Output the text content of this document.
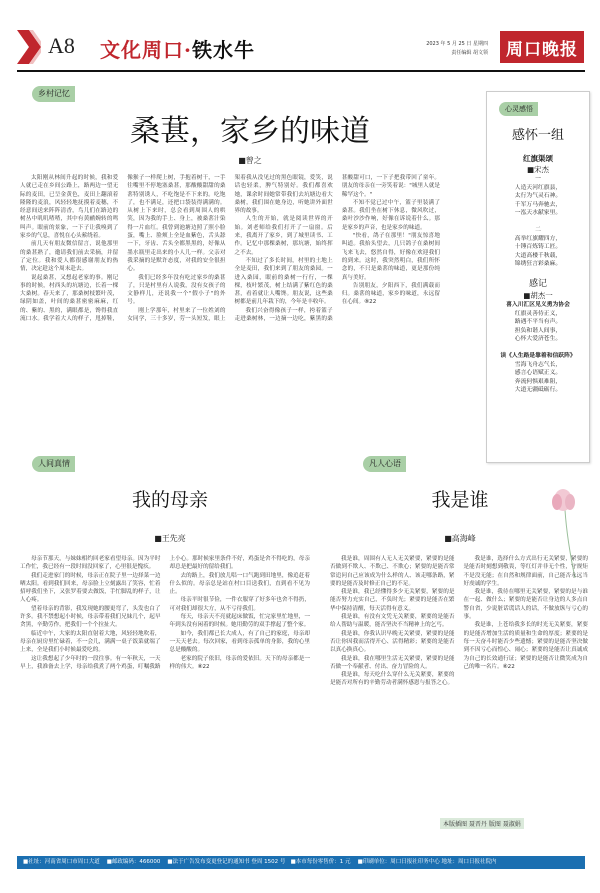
A8 文化周口·铁水牛	2023 年 5 月 25 日 星期四
责任编辑 胡文领	周口晚报
乡村记忆
桑葚，家乡的味道
■曾之

太阳刚从林间升起的时候，我和爱人就已走在乡间公路上，路两边一望无际的麦田，已呈金黄色，麦田上翻滚着隆隆的麦浪，风轻轻地抚摸着麦穗，不经意间送来阵阵清香，鸟儿们在路边的树丛中叽叽喳喳，其中有黄鹂婉转的鸣叫声。眼前的景象，一下子让我嗅到了家乡的气息，喜悦在心头萦绕着。

前几天有朋友微信留言，说他那里的桑葚熟了，邀请我们前去采摘，并留了定位。我和爱人都很感谢朋友的热情，决定趁这个周末赴去。

说起桑葚，又想起老家的事。刚记事的时候，村西头的坑塘边，长着一棵大桑树。春天来了，那桑树枝繁叶茂，绿阴如盖，叶间的桑葚密密麻麻，红的、紫的、黑的，满眼都是，馋得我直流口水。我学着大人的样子，甩掉鞋，像猴子一样爬上树，手抱着树干，一手往嘴里不停地塞桑葚，那酸酸甜甜的桑葚特别诱人，不吃饱是不下来的。吃饱了，也不满足，还把口袋装得满满的。从树上下来时，总会看到周围人的哄笑，因为我的手上、身上，被桑葚汁染得一片血红。我曾到池塘边照了照小脸蛋，嘴上、脸颊上全是血紫色，舌头舔一下，牙齿、舌头全都黑黑的，好像从墨水瓶里走出来的小人儿一样。父亲对我采摘的是默许态度，对我的安全很担心。

我们已经多年没有吃过家乡的桑葚了，只是村里有人说我，没有女孩子的文静样儿，还说我一个"假小子"的外号。

刚上学那年，村里来了一位姓刘的女同学，三十多岁，劳一头短发，眼上架着我从没见过的黑色眼镜，爱笑，说话也轻柔，脾气特别好。我们都喜欢她，课余时间她常带我们去坑塘边看大桑树，我们围在她身边，听她讲外面世界的故事。

人生的开始，就是阅读世界的开始。刘老师给我们打开了一扇窗。后来，我离开了家乡，到了城里读书、工作。记忆中那棵桑树，那坑塘，始终挥之不去。

不知过了多长时间，村里的土地上全是麦田，我们来到了朋友的桑园。一进入桑园，眼前的桑树一行行，一棵棵，枝叶繁茂，树上结满了紫红色的桑葚，看着就让人嘴馋。朋友说，这些桑树都是前几年栽下的，今年是丰收年。

我们兴奋得像孩子一样，挎着篮子走进桑树林，一边摘一边吃，紫黑的桑葚酸甜可口，一下子把我带回了童年。朋友的母亲在一旁笑着说："城里人就是稀罕这个。"

不知不觉已过中午，篮子里装满了桑葚。我们坐在树下休息，微风吹过，桑叶沙沙作响，好像在诉说着什么。那是家乡的声音，也是家乡的味道。

"快看，鸽子在那里！"朋友惊喜地叫道。我抬头望去，几只鸽子在桑树间飞来飞去，悠然自得，好像在欢迎我们的到来。这时，我突然明白，我们所怀念的，不只是桑葚的味道，更是那份纯真与美好。

告别朋友，夕阳西下，我们满载而归。桑葚的味道，家乡的味道，永远留在心间。⑧22

心灵感悟
感怀一组
红旗渠颂
■宋杰
一
人造天河红旗县，
太行为气灵石神。
千军万马奔驰去，
一泓天水献家里。
二
高举红旗耀四方，
十锤百炼铸工匠。
大道高楼千秋载，
锦绣狂言彩桑麻。
感记
■胡杰一
喜入川汇区见义勇为协会
红旗灵善侍正义，
路遇不平当有声。
担负和谐人间事，
心怀大爱济苍生。
读《人生路是靠着和信跃阵》
雪海飞舟志气长，
感言心语赋正义。
奔流何惧艰难阻，
大道无疆砥砺行。
人间真情
我的母亲
■王先亮

母亲节那天，与妹妹相约回老家看望母亲。因为平时工作忙，我已经有一段时间没回家了，心里很是愧疚。

我们走进家门的时候，母亲正在院子里一边择菜一边晒太阳。看到我们回来，母亲脸上立刻露出了笑容，忙着招呼我们坐下，又张罗着要去做饭，手忙脚乱的样子，让人心疼。

望着母亲的背影，我发现她的腰更弯了，头发也白了许多。我不禁想起小时候，母亲带着我们兄妹几个，起早贪黑，辛勤劳作，把我们一个个拉扯大。

临近中午，大家的太阳直射着大地，风轻轻地吹着，母亲在厨房里忙碌着，不一会儿，满满一桌子饭菜就端了上来，全是我们小时候最爱吃的。

这让我想起了少年时的一段往事。有一年秋天，一天早上，我准备去上学，母亲给我煮了两个鸡蛋，叮嘱我路上小心。那时候家里条件不好，鸡蛋是舍不得吃的，母亲却总是把最好的留给我们。

去的路上，我们放儿唱一口气跑到田地里，像追赶着什么似的。母亲总是站在村口目送我们，直到看不见为止。

母亲平时很节俭，一件衣服穿了好多年也舍不得扔，可对我们却很大方，从不亏待我们。

每天，母亲天不亮就起床做饭，忙完家里忙地里，一年到头没有闲着的时候。她用勤劳的双手撑起了整个家。

如今，我们都已长大成人，有了自己的家庭，母亲却一天天老去。每次回家，看到母亲孤单的身影，我的心里总是酸酸的。

老家的院子依旧，母亲的爱依旧。天下的母亲都是一样的伟大。⑧22

凡人心语
我是谁
■高海峰

我是谁，周围有人无人无关紧要，紧要的是能否做到不欺人、不欺己、不欺心；紧要的是能否常常追问自己应该成为什么样的人、该走哪条路，紧要的是能否及时修正自己的不足。

我是谁，我已经懂得多少无关紧要，紧要的是能否努力充实自己，不负时光；紧要的是能否在繁华中保持清醒，每天活得有意义。

我是谁，有没有文凭无关紧要，紧要的是能否给人帮助与温暖，能否坚决不当精神上的乞丐。

我是谁，你我认识早晚无关紧要，紧要的是能否让你因我而活得开心、活得精彩；紧要的是能否以真心换真心。

我是谁，我在哪里生活无关紧要，紧要的是能否做一个奉献者、付出、奋力冒险的人。

我是谁，每天吃什么穿什么无关紧要，紧要的是能否对所有的辛勤劳动者满怀感恩与报答之心。

我是谁，选择什么方式出行无关紧要，紧要的是能否时刻想到敬畏，等红灯并非无个性，守规矩不是没无能；在自然和规律面前，自己能否永远当好虔诚的学生。

我是谁，我待在哪里无关紧要，紧要的是与谁在一起、做什么；紧要的是能否让身边的人多点自警自省，少说脏话谎话人的话，不做放纵与亏心的事。

我是谁，上苍给我多长的时光无关紧要，紧要的是能否增加生活的质量和生命的厚度；紧要的是每一天奋斗时能否少些遗憾；紧要的是能否坚决做到不因亏心而惶心、闹心；紧要的是能否让真诚成为自己的长效通行证；紧要的是能否让微笑成为自己的唯一名片。⑧22

本版插图 聂晋丹 版图 聂淑娟
■社址：河南省周口市周口大道 ■邮政编码：466000 ■法于广告发布变更登记的通知书 登周 1502 号 ■本市每份零售价：1 元 ■印刷单位：周口日报社印务中心 地址：周口日报社院内
